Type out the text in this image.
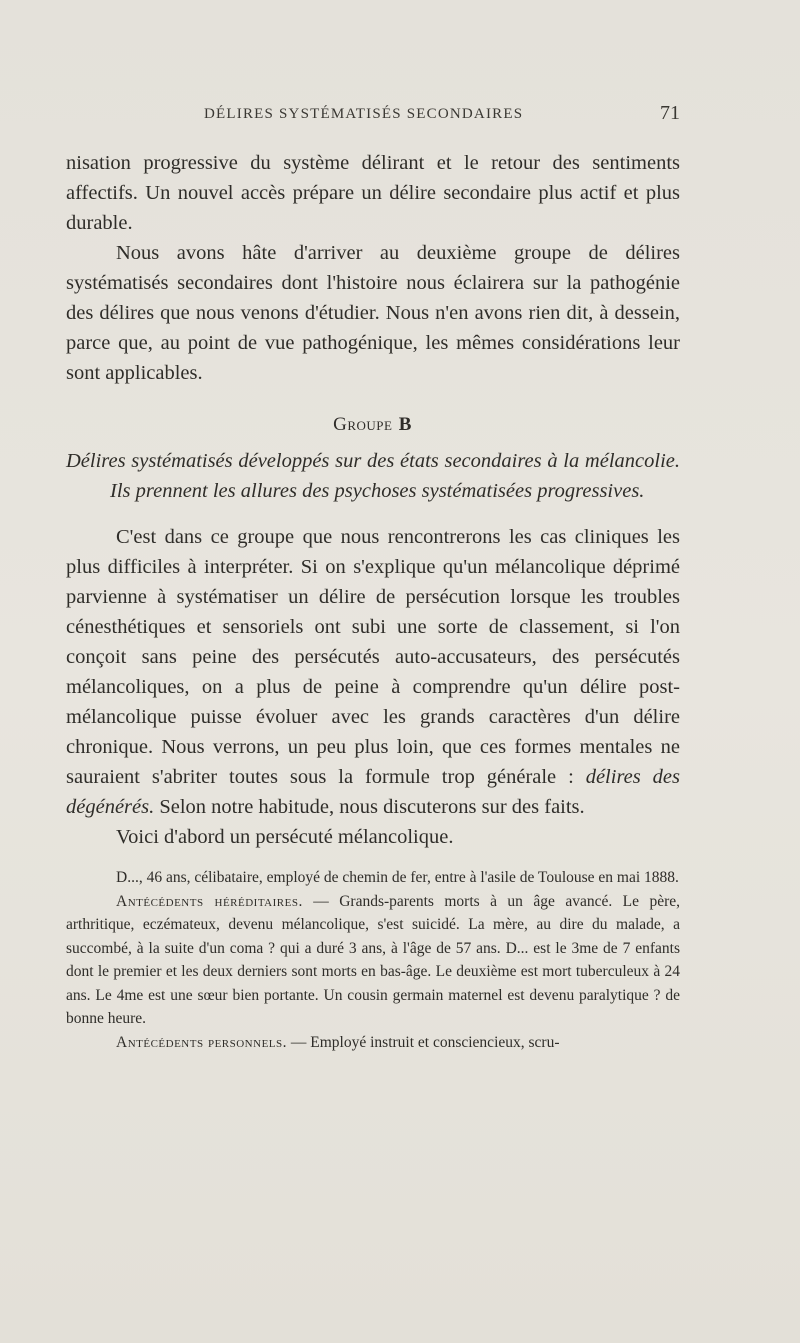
DÉLIRES SYSTÉMATISÉS SECONDAIRES	71

nisation progressive du système délirant et le retour des sentiments affectifs. Un nouvel accès prépare un délire secondaire plus actif et plus durable.

Nous avons hâte d'arriver au deuxième groupe de délires systématisés secondaires dont l'histoire nous éclairera sur la pathogénie des délires que nous venons d'étudier. Nous n'en avons rien dit, à dessein, parce que, au point de vue pathogénique, les mêmes considérations leur sont applicables.

Groupe B

Délires systématisés développés sur des états secondaires à la mélancolie. Ils prennent les allures des psychoses systématisées progressives.

C'est dans ce groupe que nous rencontrerons les cas cliniques les plus difficiles à interpréter. Si on s'explique qu'un mélancolique déprimé parvienne à systématiser un délire de persécution lorsque les troubles cénesthétiques et sensoriels ont subi une sorte de classement, si l'on conçoit sans peine des persécutés auto-accusateurs, des persécutés mélancoliques, on a plus de peine à comprendre qu'un délire post-mélancolique puisse évoluer avec les grands caractères d'un délire chronique. Nous verrons, un peu plus loin, que ces formes mentales ne sauraient s'abriter toutes sous la formule trop générale : délires des dégénérés. Selon notre habitude, nous discuterons sur des faits.

Voici d'abord un persécuté mélancolique.

D..., 46 ans, célibataire, employé de chemin de fer, entre à l'asile de Toulouse en mai 1888.

Antécédents héréditaires. — Grands-parents morts à un âge avancé. Le père, arthritique, eczémateux, devenu mélancolique, s'est suicidé. La mère, au dire du malade, a succombé, à la suite d'un coma ? qui a duré 3 ans, à l'âge de 57 ans. D... est le 3me de 7 enfants dont le premier et les deux derniers sont morts en bas-âge. Le deuxième est mort tuberculeux à 24 ans. Le 4me est une sœur bien portante. Un cousin germain maternel est devenu paralytique ? de bonne heure.

Antécédents personnels. — Employé instruit et consciencieux, scru-
